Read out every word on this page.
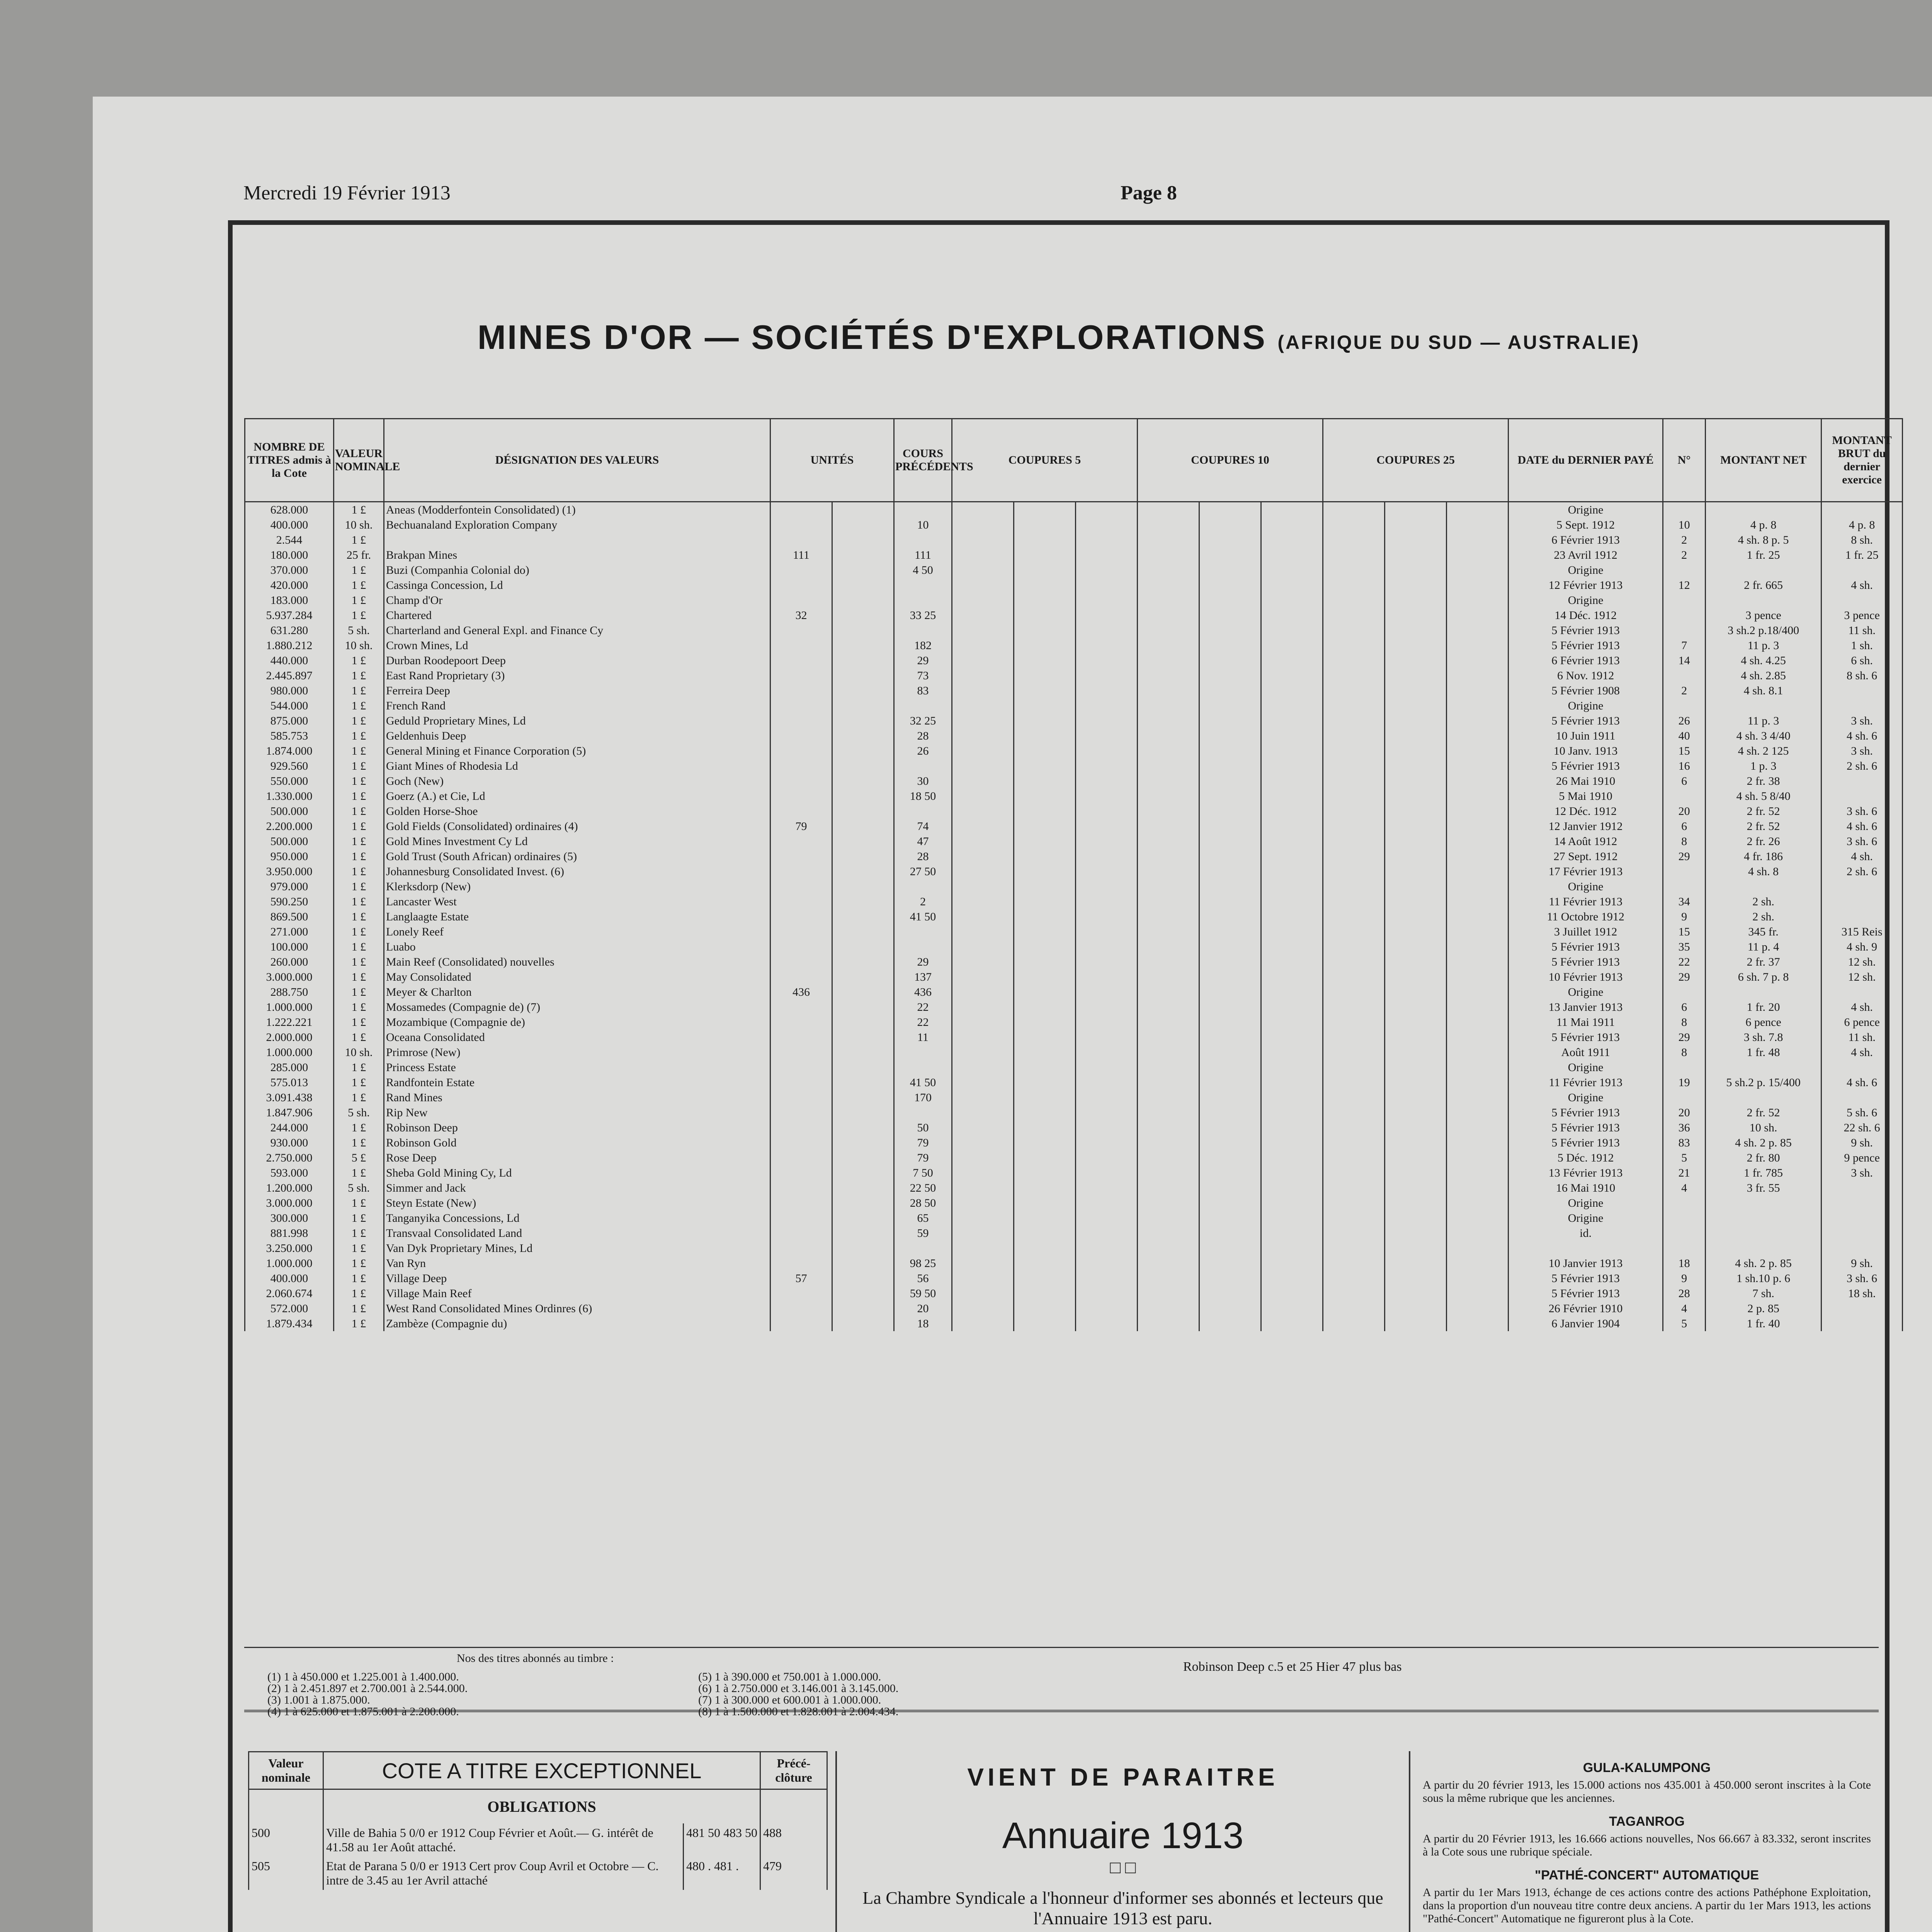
Mercredi 19 Février 1913	Page 8
MINES D'OR — SOCIÉTÉS D'EXPLORATIONS (AFRIQUE DU SUD — AUSTRALIE)
NOMBRE DE TITRES admis à la Cote	VALEUR NOMINALE	DÉSIGNATION DES VALEURS	UNITÉS		COURS PRÉCÉDENTS	COUPURES 5			COUPURES 10			COUPURES 25			DATE du DERNIER PAYÉ	N°	MONTANT NET	MONTANT BRUT du dernier exercice
628.000	1 £	Aneas (Modderfontein Consolidated) (1)													Origine			
400.000	10 sh.	Bechuanaland Exploration Company			10										5 Sept. 1912	10	4 p. 8	4 p. 8
2.544	1 £														6 Février 1913	2	4 sh. 8 p. 5	8 sh.
180.000	25 fr.	Brakpan Mines	111		111										23 Avril 1912	2	1 fr. 25	1 fr. 25
370.000	1 £	Buzi (Companhia Colonial do)			4 50										Origine			
420.000	1 £	Cassinga Concession, Ld													12 Février 1913	12	2 fr. 665	4 sh.
183.000	1 £	Champ d'Or													Origine			
5.937.284	1 £	Chartered	32		33 25										14 Déc. 1912		3 pence	3 pence
631.280	5 sh.	Charterland and General Expl. and Finance Cy													5 Février 1913		3 sh.2 p.18/400	11 sh.
1.880.212	10 sh.	Crown Mines, Ld			182										5 Février 1913	7	11 p. 3	1 sh.
440.000	1 £	Durban Roodepoort Deep			29										6 Février 1913	14	4 sh. 4.25	6 sh.
2.445.897	1 £	East Rand Proprietary (3)			73										6 Nov. 1912		4 sh. 2.85	8 sh. 6
980.000	1 £	Ferreira Deep			83										5 Février 1908	2	4 sh. 8.1	
544.000	1 £	French Rand													Origine			
875.000	1 £	Geduld Proprietary Mines, Ld			32 25										5 Février 1913	26	11 p. 3	3 sh.
585.753	1 £	Geldenhuis Deep			28										10 Juin 1911	40	4 sh. 3 4/40	4 sh. 6
1.874.000	1 £	General Mining et Finance Corporation (5)			26										10 Janv. 1913	15	4 sh. 2 125	3 sh.
929.560	1 £	Giant Mines of Rhodesia Ld													5 Février 1913	16	1 p. 3	2 sh. 6
550.000	1 £	Goch (New)			30										26 Mai 1910	6	2 fr. 38	
1.330.000	1 £	Goerz (A.) et Cie, Ld			18 50										5 Mai 1910		4 sh. 5 8/40	
500.000	1 £	Golden Horse-Shoe													12 Déc. 1912	20	2 fr. 52	3 sh. 6
2.200.000	1 £	Gold Fields (Consolidated) ordinaires (4)	79		74										12 Janvier 1912	6	2 fr. 52	4 sh. 6
500.000	1 £	Gold Mines Investment Cy Ld			47										14 Août 1912	8	2 fr. 26	3 sh. 6
950.000	1 £	Gold Trust (South African) ordinaires (5)			28										27 Sept. 1912	29	4 fr. 186	4 sh.
3.950.000	1 £	Johannesburg Consolidated Invest. (6)			27 50										17 Février 1913		4 sh. 8	2 sh. 6
979.000	1 £	Klerksdorp (New)													Origine			
590.250	1 £	Lancaster West			2										11 Février 1913	34	2 sh.	
869.500	1 £	Langlaagte Estate			41 50										11 Octobre 1912	9	2 sh.	
271.000	1 £	Lonely Reef													3 Juillet 1912	15	345 fr.	315 Reis
100.000	1 £	Luabo													5 Février 1913	35	11 p. 4	4 sh. 9
260.000	1 £	Main Reef (Consolidated) nouvelles			29										5 Février 1913	22	2 fr. 37	12 sh.
3.000.000	1 £	May Consolidated			137										10 Février 1913	29	6 sh. 7 p. 8	12 sh.
288.750	1 £	Meyer & Charlton	436		436										Origine			
1.000.000	1 £	Mossamedes (Compagnie de) (7)			22										13 Janvier 1913	6	1 fr. 20	4 sh.
1.222.221	1 £	Mozambique (Compagnie de)			22										11 Mai 1911	8	6 pence	6 pence
2.000.000	1 £	Oceana Consolidated			11										5 Février 1913	29	3 sh. 7.8	11 sh.
1.000.000	10 sh.	Primrose (New)													Août 1911	8	1 fr. 48	4 sh.
285.000	1 £	Princess Estate													Origine			
575.013	1 £	Randfontein Estate			41 50										11 Février 1913	19	5 sh.2 p. 15/400	4 sh. 6
3.091.438	1 £	Rand Mines			170										Origine			
1.847.906	5 sh.	Rip New													5 Février 1913	20	2 fr. 52	5 sh. 6
244.000	1 £	Robinson Deep			50										5 Février 1913	36	10 sh.	22 sh. 6
930.000	1 £	Robinson Gold			79										5 Février 1913	83	4 sh. 2 p. 85	9 sh.
2.750.000	5 £	Rose Deep			79										5 Déc. 1912	5	2 fr. 80	9 pence
593.000	1 £	Sheba Gold Mining Cy, Ld			7 50										13 Février 1913	21	1 fr. 785	3 sh.
1.200.000	5 sh.	Simmer and Jack			22 50										16 Mai 1910	4	3 fr. 55	
3.000.000	1 £	Steyn Estate (New)			28 50										Origine			
300.000	1 £	Tanganyika Concessions, Ld			65										Origine			
881.998	1 £	Transvaal Consolidated Land			59										id.			
3.250.000	1 £	Van Dyk Proprietary Mines, Ld																
1.000.000	1 £	Van Ryn			98 25										10 Janvier 1913	18	4 sh. 2 p. 85	9 sh.
400.000	1 £	Village Deep	57		56										5 Février 1913	9	1 sh.10 p. 6	3 sh. 6
2.060.674	1 £	Village Main Reef			59 50										5 Février 1913	28	7 sh.	18 sh.
572.000	1 £	West Rand Consolidated Mines Ordinres (6)			20										26 Février 1910	4	2 p. 85	
1.879.434	1 £	Zambèze (Compagnie du)			18										6 Janvier 1904	5	1 fr. 40	
Nos des titres abonnés au timbre :
(1) 1 à 450.000 et 1.225.001 à 1.400.000.
(2) 1 à 2.451.897 et 2.700.001 à 2.544.000.
(3) 1.001 à 1.875.000.
(4) 1 à 625.000 et 1.875.001 à 2.200.000.
(5) 1 à 390.000 et 750.001 à 1.000.000.
(6) 1 à 2.750.000 et 3.146.001 à 3.145.000.
(7) 1 à 300.000 et 600.001 à 1.000.000.
(8) 1 à 1.500.000 et 1.828.001 à 2.004.434.
Robinson Deep c.5 et 25 Hier 47 plus bas
Valeur nominale	COTE A TITRE EXCEPTIONNEL		Précé-clôture
	OBLIGATIONS		
500	Ville de Bahia 5 0/0 er 1912 Coup Février et Août.— G. intérêt de 41.58 au 1er Août attaché.	481 50 483 50	488
505	Etat de Parana 5 0/0 er 1913 Cert prov Coup Avril et Octobre — C. intre de 3.45 au 1er Avril attaché	480 . 481 .	479
VIENT DE PARAITRE
Annuaire 1913
□ □

La Chambre Syndicale a l'honneur d'informer ses abonnés et lecteurs que l'Annuaire 1913 est paru.

GULA-KALUMPONG

A partir du 20 février 1913, les 15.000 actions nos 435.001 à 450.000 seront inscrites à la Cote sous la même rubrique que les anciennes.

TAGANROG

A partir du 20 Février 1913, les 16.666 actions nouvelles, Nos 66.667 à 83.332, seront inscrites à la Cote sous une rubrique spéciale.

"PATHÉ-CONCERT" AUTOMATIQUE

A partir du 1er Mars 1913, échange de ces actions contre des actions Pathéphone Exploitation, dans la proportion d'un nouveau titre contre deux anciens. A partir du 1er Mars 1913, les actions "Pathé-Concert" Automatique ne figureront plus à la Cote.
